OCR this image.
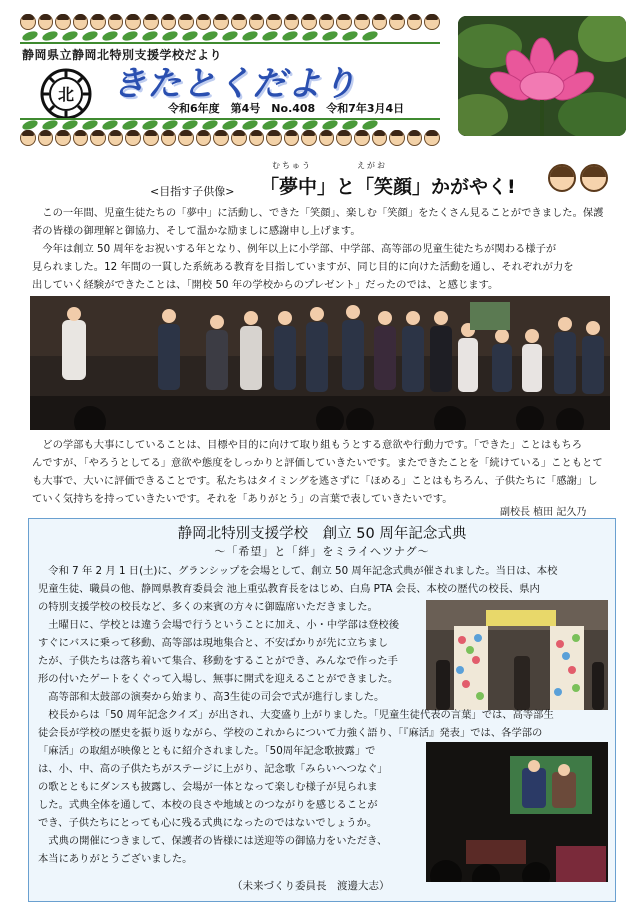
静岡県立静岡北特別支援学校だより
北 きたとくだより
令和6年度　第4号　No.408　令和7年3月4日
<目指す子供像>
むちゅう	えがお
「夢中」と「笑顔」かがやく!
　この一年間、児童生徒たちの「夢中」に活動し、できた「笑顔」、楽しむ「笑顔」をたくさん見ることができました。保護
者の皆様の御理解と御協力、そして温かな励ましに感謝申し上げます。
　今年は創立 50 周年をお祝いする年となり、例年以上に小学部、中学部、高等部の児童生徒たちが関わる様子が
見られました。12 年間の一貫した系統ある教育を目指していますが、同じ目的に向けた活動を通し、それぞれが力を
出していく経験ができたことは、「開校 50 年の学校からのプレゼント」だったのでは、と感じます。
　どの学部も大事にしていることは、目標や目的に向けて取り組もうとする意欲や行動力です。「できた」ことはもちろ
んですが、「やろうとしてる」意欲や態度をしっかりと評価していきたいです。またできたことを「続けている」こともとて
も大事で、大いに評価できることです。私たちはタイミングを逃さずに「ほめる」ことはもちろん、子供たちに「感謝」し
ていく気持ちを持っていきたいです。それを「ありがとう」の言葉で表していきたいです。
副校長 植田 記久乃
静岡北特別支援学校　創立 50 周年記念式典
～「希望」と「絆」をミライへツナグ～
　令和 7 年 2 月 1 日(土)に、グランシップを会場として、創立 50 周年記念式典が催されました。当日は、本校
児童生徒、職員の他、静岡県教育委員会 池上重弘教育長をはじめ、白鳥 PTA 会長、本校の歴代の校長、県内
の特別支援学校の校長など、多くの来賓の方々に御臨席いただきました。
　土曜日に、学校とは違う会場で行うということに加え、小・中学部は登校後
すぐにバスに乗って移動、高等部は現地集合と、不安ばかりが先に立ちまし
たが、子供たちは落ち着いて集合、移動をすることができ、みんなで作った手
形の付いたゲートをくぐって入場し、無事に開式を迎えることができました。
　高等部和太鼓部の演奏から始まり、高3生徒の司会で式が進行しました。
　校長からは「50 周年記念クイズ」が出され、大変盛り上がりました。「児童生徒代表の言葉」では、高等部生
徒会長が学校の歴史を振り返りながら、学校のこれからについて力強く語り、「『麻活』発表」では、各学部の
「麻活」の取組が映像とともに紹介されました。「50周年記念歌披露」で
は、小、中、高の子供たちがステージに上がり、記念歌「みらいへつなぐ」
の歌とともにダンスも披露し、会場が一体となって楽しむ様子が見られま
した。式典全体を通して、本校の良さや地域とのつながりを感じることが
でき、子供たちにとっても心に残る式典になったのではないでしょうか。
　式典の開催につきまして、保護者の皆様には送迎等の御協力をいただき、
本当にありがとうございました。
（未来づくり委員長　渡邊大志）
